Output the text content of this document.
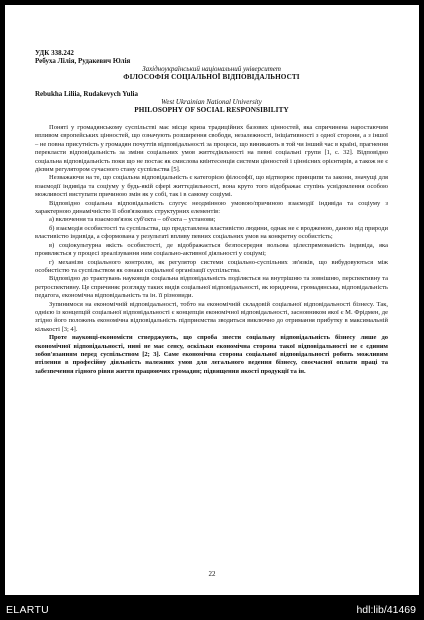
УДК 338.242

Ребуха Лілія, Рудакевич Юлія

Західноукраїнський національний університет

ФІЛОСОФІЯ СОЦІАЛЬНОЇ ВІДПОВІДАЛЬНОСТІ

Rebukha Liliia, Rudakevych Yulia

West Ukrainian National University

PHILOSOPHY OF SOCIAL RESPONSIBILITY

Поняті у громадянському суспільстві має місце криза традиційних базових цінностей, яка спричинена наростаючим впливом європейських цінностей, що означують розширення свободи, незалежності, ініціативності з одної сторони, а з іншої – не повна присутність у громадян почуттів відповідальності за процеси, що виникають в той чи інший час в країні, прагнення перекласти відповідальність за зміни соціальних умов життєдіяльності на певні соціальні групи [1, с. 32]. Відповідно соціальна відповідальність поки що не постає як смислова квінтесенція системи цінностей і ціннісних орієнтирів, а також не є дієвим регулятором сучасного стану суспільства [5].

Незважаючи на те, що соціальна відповідальність є категорією філософії, що відтворює принципи та закони, значущі для взаємодії індивіда та соціуму у будь-якій сфері життєдіяльності, вона круто того відображає ступінь усвідомлення особою можливості виступати причиною змін як у собі, так і в самому соціумі.

Відповідно соціальна відповідальність слугує неодмінною умовою/причиною взаємодії індивіда та соціуму з характерною динамічністю її обов'язкових структурних елементів:

а) включення та взаємозв'язок суб'єкта – об'єкта – установи;

б) взаємодія особистості та суспільства, що представлена властивістю людини, однак не є вродженою, даною від природи властивістю індивіда, а сформована у результаті впливу певних соціальних умов на конкретну особистість;

в) соціокультурна якість особистості, де відображається безпосередня вольова цілеспрямованість індивіда, яка проявляється у процесі зреалізування ним соціально-активної діяльності у соціумі;

г) механізм соціального контролю, як регулятор системи соціально-суспільних зв'язків, що вибудовуються між особистістю та суспільством як ознаки соціальної організації суспільства.

Відповідно до трактувань науковців соціальна відповідальність поділяється на внутрішню та зовнішню, перспективну та ретроспективну. Це спричиняє розгляду таких видів соціальної відповідальності, як юридична, громадянська, відповідальність педагога, економічна відповідальність та ін. її різновиди.

Зупинимося на економічній відповідальності, тобто на економічній складовій соціальної відповідальності бізнесу. Так, однією із концепцій соціальної відповідальності є концепція економічної відповідальності, засновником якої є М. Фрідмен, де згідно його положень економічна відповідальність підприємства зводиться виключно до отримання прибутку в максимальній кількості [3; 4].

Проте науковці-економісти стверджують, що спроба звести соціальну відповідальність бізнесу лише до економічної відповідальності, нині не має сенсу, оскільки економічна сторона такої відповідальності не є єдиним зобов'язанням перед суспільством [2; 3]. Саме економічна сторона соціальної відповідальності робить можливим втілення в професійну діяльність належних умов для легального ведення бізнесу, своєчасної оплати праці та забезпечення гідного рівня життя працюючих громадян; підвищення якості продукції та ін.

22
ELARTU	hdl:lib/41469
